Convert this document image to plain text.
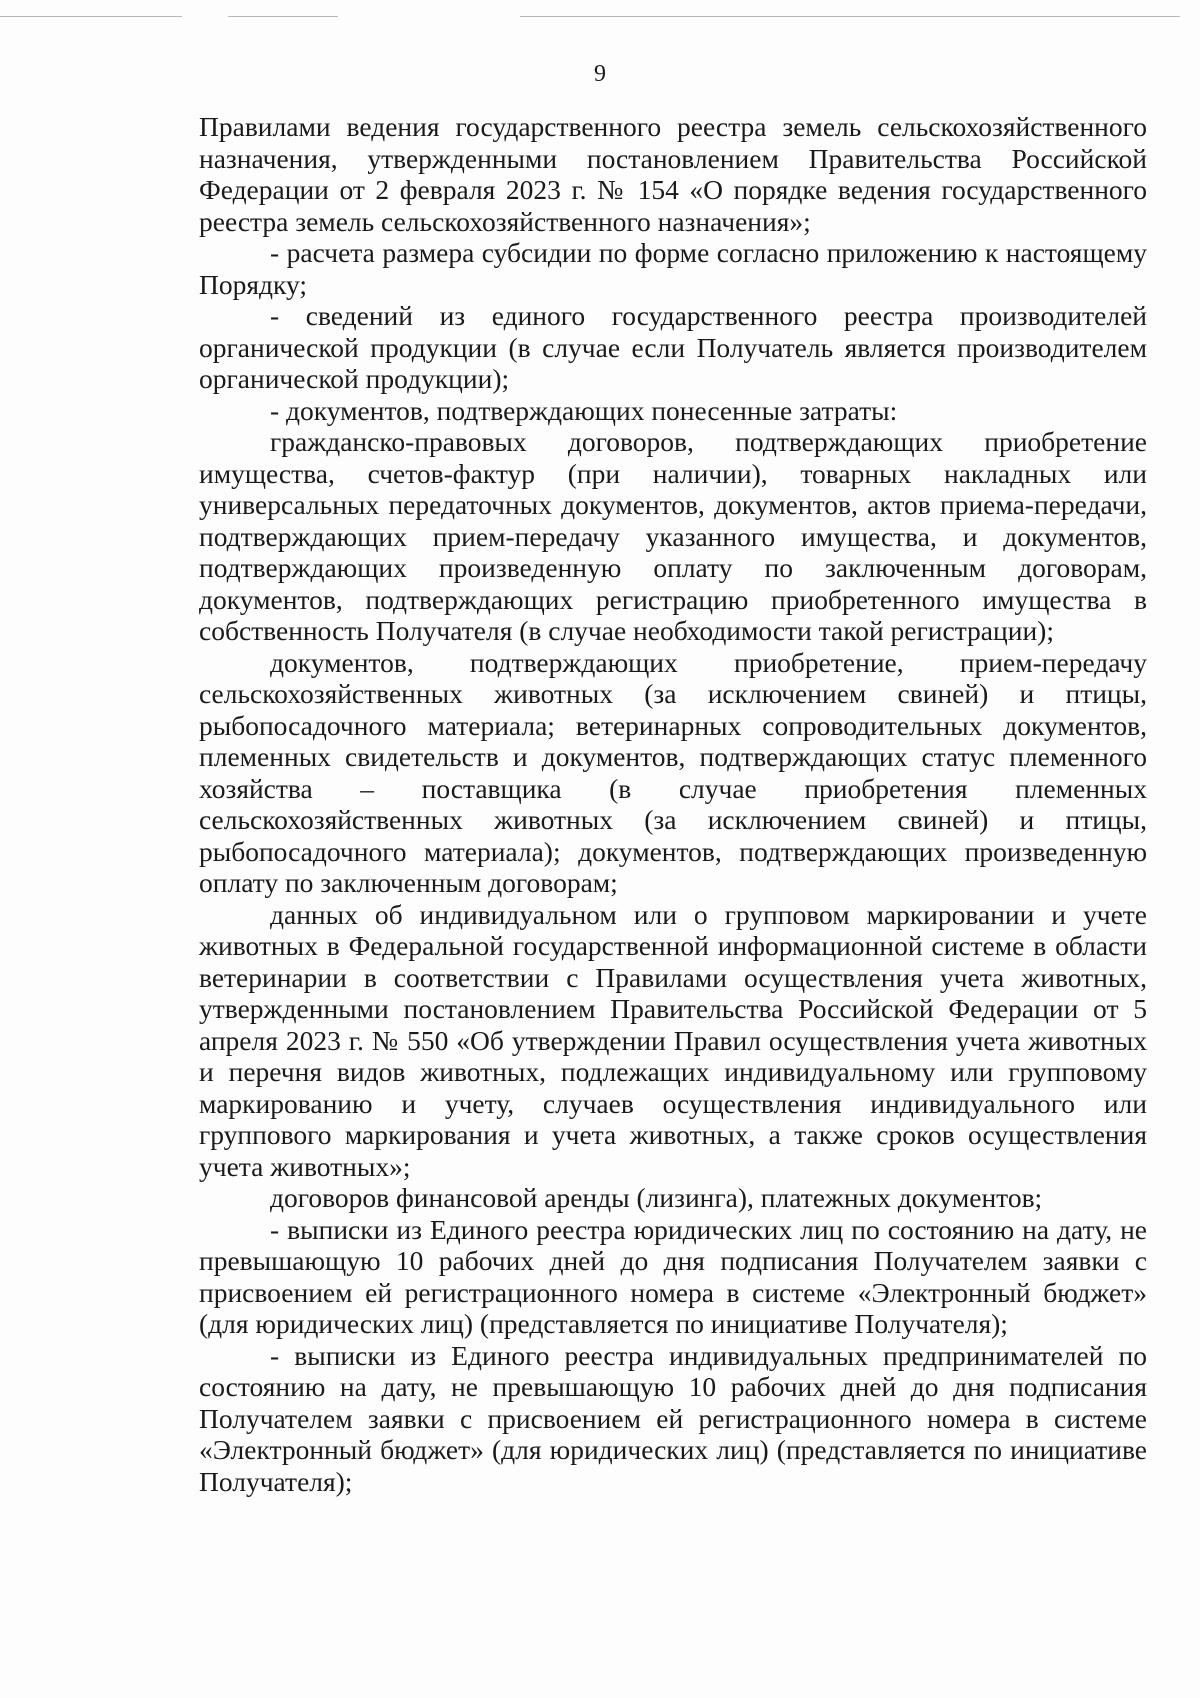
9

Правилами ведения государственного реестра земель сельскохозяйственного назначения, утвержденными постановлением Правительства Российской Федерации от 2 февраля 2023 г. № 154 «О порядке ведения государственного реестра земель сельскохозяйственного назначения»;

- расчета размера субсидии по форме согласно приложению к настоящему Порядку;

- сведений из единого государственного реестра производителей органической продукции (в случае если Получатель является производителем органической продукции);

- документов, подтверждающих понесенные затраты:

гражданско-правовых договоров, подтверждающих приобретение имущества, счетов-фактур (при наличии), товарных накладных или универсальных передаточных документов, документов, актов приема-передачи, подтверждающих прием-передачу указанного имущества, и документов, подтверждающих произведенную оплату по заключенным договорам, документов, подтверждающих регистрацию приобретенного имущества в собственность Получателя (в случае необходимости такой регистрации);

документов, подтверждающих приобретение, прием-передачу сельскохозяйственных животных (за исключением свиней) и птицы, рыбопосадочного материала; ветеринарных сопроводительных документов, племенных свидетельств и документов, подтверждающих статус племенного хозяйства – поставщика (в случае приобретения племенных сельскохозяйственных животных (за исключением свиней) и птицы, рыбопосадочного материала); документов, подтверждающих произведенную оплату по заключенным договорам;

данных об индивидуальном или о групповом маркировании и учете животных в Федеральной государственной информационной системе в области ветеринарии в соответствии с Правилами осуществления учета животных, утвержденными постановлением Правительства Российской Федерации от 5 апреля 2023 г. № 550 «Об утверждении Правил осуществления учета животных и перечня видов животных, подлежащих индивидуальному или групповому маркированию и учету, случаев осуществления индивидуального или группового маркирования и учета животных, а также сроков осуществления учета животных»;

договоров финансовой аренды (лизинга), платежных документов;

- выписки из Единого реестра юридических лиц по состоянию на дату, не превышающую 10 рабочих дней до дня подписания Получателем заявки с присвоением ей регистрационного номера в системе «Электронный бюджет» (для юридических лиц) (представляется по инициативе Получателя);

- выписки из Единого реестра индивидуальных предпринимателей по состоянию на дату, не превышающую 10 рабочих дней до дня подписания Получателем заявки с присвоением ей регистрационного номера в системе «Электронный бюджет» (для юридических лиц) (представляется по инициативе Получателя);
